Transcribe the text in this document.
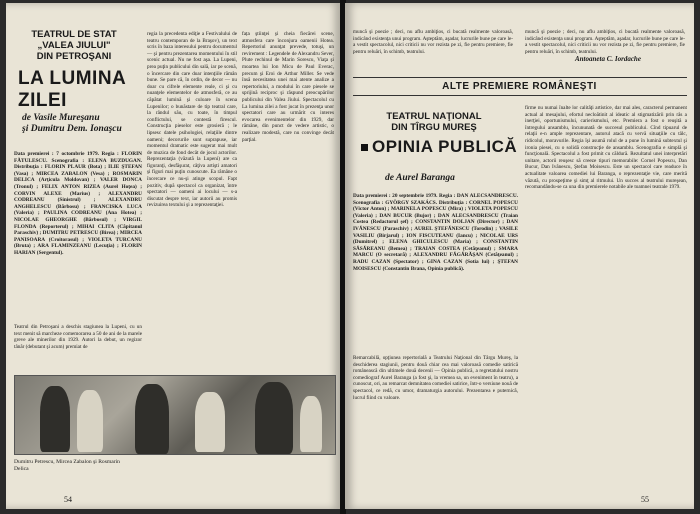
TEATRUL DE STAT
„VALEA JIULUI"
DIN PETROŞANI
LA LUMINA ZILEI
de Vasile Mureşanu
şi Dumitru Dem. Ionaşcu
Data premierei : 7 octombrie 1979. Regia : FLORIN FĂTULESCU. Scenografia : ELENA BUZDUGAN. Distribuţia : FLORIN PLAUR (Bota) ; ILIE ŞTEFAN (Vasa) ; MIRCEA ZABALON (Vesa) ; ROSMARIN DELICA (Arţicula Moldovan) ; VALER DONCA (Tronul) ; FELIX ANTON RIZEA (Aurel Hoţea) ; CORVIN ALEXE (Marius) ; ALEXANDRU CODREANU (Sinistrul) ; ALEXANDRU ANGHELESCU (Bărbosu) ; FRANCISKA LUCA (Valeria) ; PAULINA CODREANU (Ana Hotea) ; NICOLAE GHEORGHE (Bărbosul) ; VIRGIL FLONDA (Reporterul) ; MIHAI CLITA (Căpitanul Paraschiv) ; DUMITRU PETRESCU (Birea) ; MIRCEA PANISOARA (Croitorasul) ; VIOLETA TURCANU (Bruta) ; ARA FLAMINZEANU (Lecuţia) ; FLORIN HARIAN (Sergentul).
Teatrul din Petroşani a deschis stagiunea la Lupeni, cu un text menit să marcheze comemorarea a 50 de ani de la marele greve ale minerilor din 1929. Autori la debut, un regizor tânăr (debutant şi acum) premiat de
regia la precedenta ediţie a Festivalului de teatru contemporan de la Braşov), un text scris în baza interesului pentru documentul — şi pentru prezentarea momentului în stil scenic actual. Nu ne fost aşa. La Lupeni, prea puţin publicului din sală, iar pe scenă, o încercare din care doar intenţiile rămân bune. Se pare că, în ordin, de decor — nu doar cu cifrele elemente reale, ci şi cu nuanţele elementelor de atmosferă, ce au căpătat lumină şi culoare în scena Lupenilor; o bunăstare de tip teatral care, la rândul său, cu toate, în timpul conflictului, se contestă firescul. Construcţia pieselor este grosieră ; le lipsesc datele psihologiei, relaţiile dintre oameni; decorurile sunt suprapuse, iar momentul dramatic este sugerat mai mult de muzica de fond decât de jocul actorilor. Reprezentaţia (văzută la Lupeni) are ca figuranţi, desfăşurat, câţiva artişti amatori şi figuri mai puţin cunoscute. Ea rămâne o încercare ce nu-şi atinge scopul. Fapt pozitiv, după spectacol ca organizat, între spectatori — oameni ai locului — s-a discutat despre text, iar autorii au promis revizuirea textului şi a reprezentaţiei.
fața ştiinţei şi cheia fiecărei scene, atmosfera care înconjura oamenii Hotea. Repertoriul anunţat prevede, totuşi, un revirement : Legendele de Alexandru Sever, Plute rechinul de Marin Sorescu, Viaţa şi moartea lui Ion Micu de Paul Everac, precum şi Eroi de Arthur Miller. Se vede însă necesitatea unei mai atente analize a repertoriului, a modului în care piesele se sprijină reciproc şi răspund preocupărilor publicului din Valea Jiului. Spectacolul cu La lumina zilei a fost jucat în prezenţa unor spectatori care au urmărit cu interes evocarea evenimentelor din 1929, dar rămâne, din punct de vedere artistic, o realizare modestă, care nu convinge decât parţial.
Dumitru Petrescu, Mircea Zabalon şi Rosmarin Delica
54
muncă şi poezie ; deci, nu aflu ambiţios, ci bucată realmente valoroasă, indicând existenţa unui program. Aşteptăm, aşadar, lucrurile bune pe care le-a vestit spectacolul, nici criticii nu vor rezista pe zi, fie pentru premiere, fie pentru reluări, în schimb, teatrului.
muncă şi poezie ; deci, nu aflu ambiţios, ci bucată realmente valoroasă, indicând existenţa unui program. Aşteptăm, aşadar, lucrurile bune pe care le-a vestit spectacolul, nici criticii nu vor rezista pe zi, fie pentru premiere, fie pentru reluări, în schimb, teatrului.
Antoaneta C. Iordache
ALTE PREMIERE ROMÂNEŞTI
TEATRUL NAŢIONAL
DIN TÎRGU MUREŞ
OPINIA PUBLICĂ
de Aurel Baranga
Data premierei : 20 septembrie 1979. Regia : DAN ALECSANDRESCU. Scenografia : GYÖRGY SZAKÁCS. Distribuţia : CORNEL POPESCU (Victor Anton) ; MARINELA POPESCU (Mira) ; VIOLETA POPESCU (Valeria) ; DAN BUCUR (Bujor) ; DAN ALECSANDRESCU (Traian Costea (Redactorul şef) ; CONSTANTIN DOLJAN (Director) ; DAN IVĂNESCU (Paraschiv) ; AUREL ŞTEFĂNESCU (Torodin) ; VASILE VASILIU (Birjarul) ; ION FISCUTEANU (Iancu) ; NICOLAE URS (Dumitrel) ; ELENA GHICULESCU (Maria) ; CONSTANTIN SĂSĂREANU (Bemea) ; TRAIAN COSTEA (Cetăţeanul) ; SMARA MARCU (O secretară) ; ALEXANDRU FĂGĂRĂŞAN (Cetăţeanul) ; RADU CAZAN (Spectator) ; GINA CAZAN (Sotia lui) ; ŞTEFAN MOISESCU (Constantin Brana, Opinia publică).
Remarcabilă, opţiunea repertorială a Teatrului Naţional din Târgu Mureş, la deschiderea stagiunii, pentru două chiar cea mai valoroasă comedie satirică românească din ultimele două decenii — Opinia publică, a regretatului nostru comediograf Aurel Baranga (a fost şi, la vremea sa, un eveniment în teatru), a cunoscut, ori, au remarcat demnitatea comediei satirice, într-o versiune nouă de spectacol, ce redă, cu umor, dramaturgia autorului. Prezentarea e puternică, lucrul fiind cu valoare.
firme nu numai înalte lor calităţi artistice, dar mai ales, caracterul permanent actual al mesajului, efortul necloătinit al ideatic al stigmatizării prin râs a inerţiei, oportunismului, carierismului, etc. Premiera a fost o reuşită a întregului ansamblu, încununată de succesul publicului. Cînd tipuarul de relaţii e-n ample reprezentare, autorul atacă cu vervă situaţiile cu tâlc, ridicolul, moravurile. Regia îşi asumă rolul de a pune în lumină subtextul şi ironia piesei, cu o solidă construcţie de ansamblu. Scenografia e simplă şi funcţională. Spectacolul a fost primit cu căldură. Rezultatul unei interpretări unitare, actorii reuşesc să creeze tipuri memorabile: Cornel Popescu, Dan Bucur, Dan Ivănescu, Ştefan Moisescu. Este un spectacol care readuce în actualitate valoarea comediei lui Baranga, o reprezentaţie vie, care merită văzută, cu prospeţime şi simţ al ritmului. Un succes al teatrului mureşean, recomandându-se ca una din premierele notabile ale toamnei teatrale 1979.
55
